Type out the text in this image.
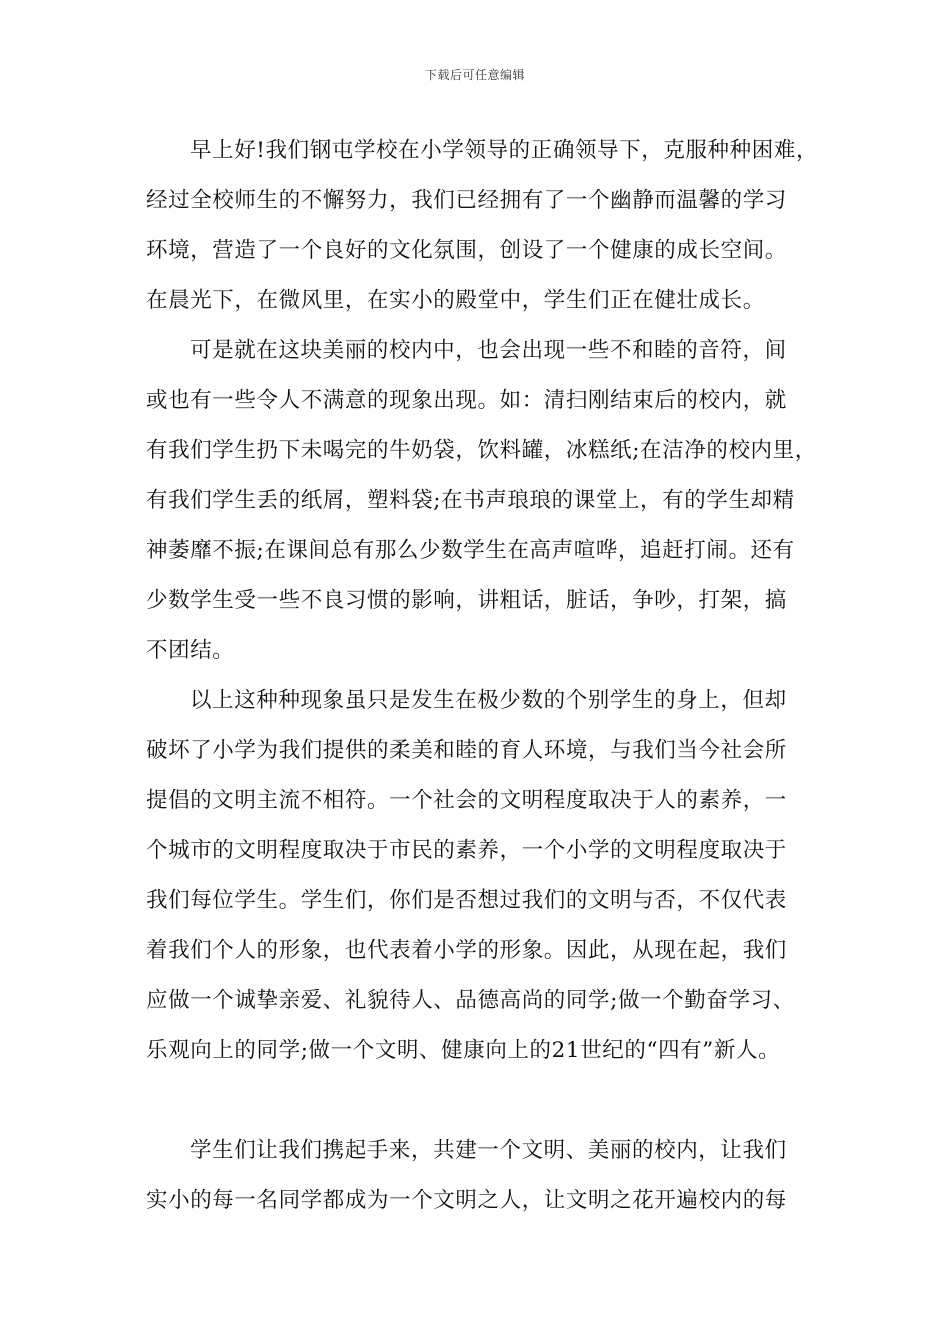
下载后可任意编辑
早上好!我们钢屯学校在小学领导的正确领导下，克服种种困难，
经过全校师生的不懈努力，我们已经拥有了一个幽静而温馨的学习
环境，营造了一个良好的文化氛围，创设了一个健康的成长空间。
在晨光下，在微风里，在实小的殿堂中，学生们正在健壮成长。
可是就在这块美丽的校内中，也会出现一些不和睦的音符，间
或也有一些令人不满意的现象出现。如：清扫刚结束后的校内，就
有我们学生扔下未喝完的牛奶袋，饮料罐，冰糕纸;在洁净的校内里，
有我们学生丢的纸屑，塑料袋;在书声琅琅的课堂上，有的学生却精
神萎靡不振;在课间总有那么少数学生在高声喧哗，追赶打闹。还有
少数学生受一些不良习惯的影响，讲粗话，脏话，争吵，打架，搞
不团结。
以上这种种现象虽只是发生在极少数的个别学生的身上，但却
破坏了小学为我们提供的柔美和睦的育人环境，与我们当今社会所
提倡的文明主流不相符。一个社会的文明程度取决于人的素养，一
个城市的文明程度取决于市民的素养，一个小学的文明程度取决于
我们每位学生。学生们，你们是否想过我们的文明与否，不仅代表
着我们个人的形象，也代表着小学的形象。因此，从现在起，我们
应做一个诚挚亲爱、礼貌待人、品德高尚的同学;做一个勤奋学习、
乐观向上的同学;做一个文明、健康向上的21世纪的“四有”新人。
学生们让我们携起手来，共建一个文明、美丽的校内，让我们
实小的每一名同学都成为一个文明之人，让文明之花开遍校内的每
